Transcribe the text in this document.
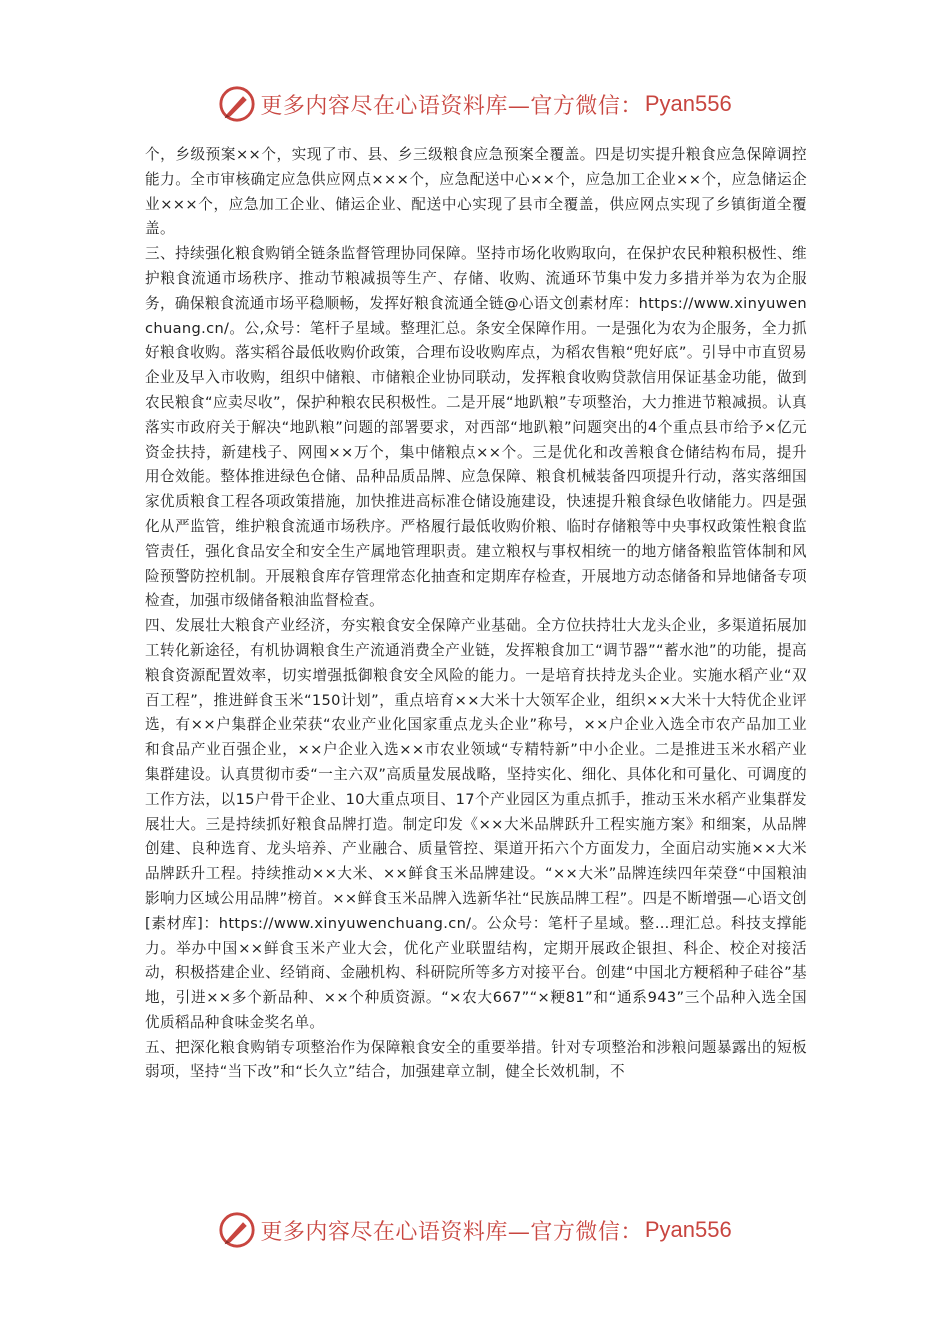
更多内容尽在心语资料库—官方微信： Pyan556

个，乡级预案××个，实现了市、县、乡三级粮食应急预案全覆盖。四是切实提升粮食应急保障调控能力。全市审核确定应急供应网点×××个，应急配送中心××个，应急加工企业××个，应急储运企业×××个，应急加工企业、储运企业、配送中心实现了县市全覆盖，供应网点实现了乡镇街道全覆盖。

三、持续强化粮食购销全链条监督管理协同保障。坚持市场化收购取向，在保护农民种粮积极性、维护粮食流通市场秩序、推动节粮减损等生产、存储、收购、流通环节集中发力多措并举为农为企服务，确保粮食流通市场平稳顺畅，发挥好粮食流通全链@心语文创素材库：https://www.xinyuwenchuang.cn/。公,众号：笔杆子星域。整理汇总。条安全保障作用。一是强化为农为企服务，全力抓好粮食收购。落实稻谷最低收购价政策，合理布设收购库点，为稻农售粮“兜好底”。引导中市直贸易企业及早入市收购，组织中储粮、市储粮企业协同联动，发挥粮食收购贷款信用保证基金功能，做到农民粮食“应卖尽收”，保护种粮农民积极性。二是开展“地趴粮”专项整治，大力推进节粮减损。认真落实市政府关于解决“地趴粮”问题的部署要求，对西部“地趴粮”问题突出的4个重点县市给予×亿元资金扶持，新建栈子、网囤××万个，集中储粮点××个。三是优化和改善粮食仓储结构布局，提升用仓效能。整体推进绿色仓储、品种品质品牌、应急保障、粮食机械装备四项提升行动，落实落细国家优质粮食工程各项政策措施，加快推进高标准仓储设施建设，快速提升粮食绿色收储能力。四是强化从严监管，维护粮食流通市场秩序。严格履行最低收购价粮、临时存储粮等中央事权政策性粮食监管责任，强化食品安全和安全生产属地管理职责。建立粮权与事权相统一的地方储备粮监管体制和风险预警防控机制。开展粮食库存管理常态化抽查和定期库存检查，开展地方动态储备和异地储备专项检查，加强市级储备粮油监督检查。

四、发展壮大粮食产业经济，夯实粮食安全保障产业基础。全方位扶持壮大龙头企业，多渠道拓展加工转化新途径，有机协调粮食生产流通消费全产业链，发挥粮食加工“调节器”“蓄水池”的功能，提高粮食资源配置效率，切实增强抵御粮食安全风险的能力。一是培育扶持龙头企业。实施水稻产业“双百工程”，推进鲜食玉米“150计划”，重点培育××大米十大领军企业，组织××大米十大特优企业评选，有××户集群企业荣获“农业产业化国家重点龙头企业”称号，××户企业入选全市农产品加工业和食品产业百强企业，××户企业入选××市农业领域“专精特新”中小企业。二是推进玉米水稻产业集群建设。认真贯彻市委“一主六双”高质量发展战略，坚持实化、细化、具体化和可量化、可调度的工作方法，以15户骨干企业、10大重点项目、17个产业园区为重点抓手，推动玉米水稻产业集群发展壮大。三是持续抓好粮食品牌打造。制定印发《××大米品牌跃升工程实施方案》和细案，从品牌创建、良种选育、龙头培养、产业融合、质量管控、渠道开拓六个方面发力，全面启动实施××大米品牌跃升工程。持续推动××大米、××鲜食玉米品牌建设。“××大米”品牌连续四年荣登“中国粮油影响力区域公用品牌”榜首。××鲜食玉米品牌入选新华社“民族品牌工程”。四是不断增强—心语文创[素材库]：https://www.xinyuwenchuang.cn/。公众号：笔杆子星域。整…理汇总。科技支撑能力。举办中国××鲜食玉米产业大会，优化产业联盟结构，定期开展政企银担、科企、校企对接活动，积极搭建企业、经销商、金融机构、科研院所等多方对接平台。创建“中国北方粳稻种子硅谷”基地，引进××多个新品种、××个种质资源。“×农大667”“×粳81”和“通系943”三个品种入选全国优质稻品种食味金奖名单。

五、把深化粮食购销专项整治作为保障粮食安全的重要举措。针对专项整治和涉粮问题暴露出的短板弱项，坚持“当下改”和“长久立”结合，加强建章立制，健全长效机制，不

更多内容尽在心语资料库—官方微信： Pyan556
